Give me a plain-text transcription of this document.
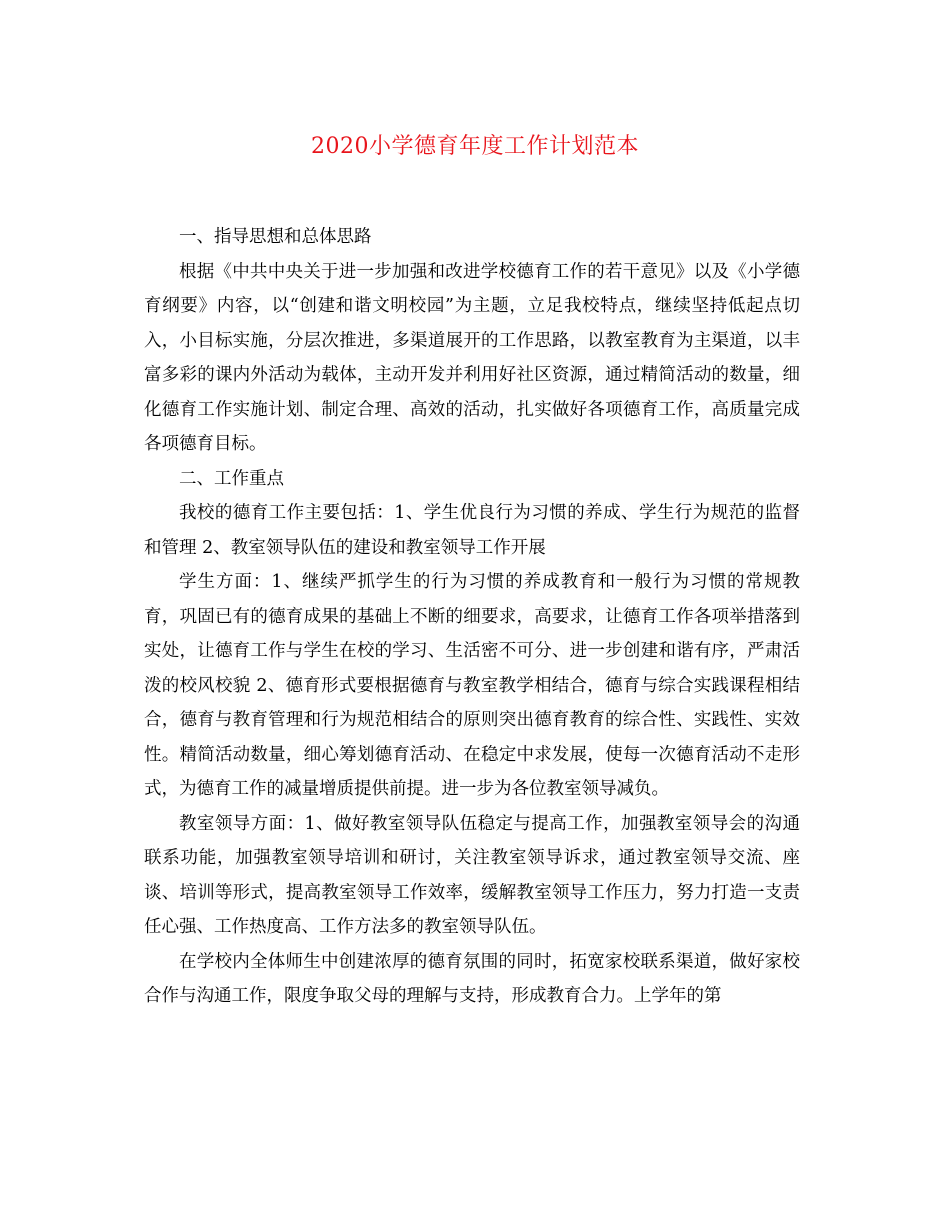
2020小学德育年度工作计划范本

一、指导思想和总体思路

根据《中共中央关于进一步加强和改进学校德育工作的若干意见》以及《小学德育纲要》内容，以“创建和谐文明校园”为主题，立足我校特点，继续坚持低起点切入，小目标实施，分层次推进，多渠道展开的工作思路，以教室教育为主渠道，以丰富多彩的课内外活动为载体，主动开发并利用好社区资源，通过精简活动的数量，细化德育工作实施计划、制定合理、高效的活动，扎实做好各项德育工作，高质量完成各项德育目标。

二、工作重点

我校的德育工作主要包括：1、学生优良行为习惯的养成、学生行为规范的监督和管理 2、教室领导队伍的建设和教室领导工作开展

学生方面：1、继续严抓学生的行为习惯的养成教育和一般行为习惯的常规教育，巩固已有的德育成果的基础上不断的细要求，高要求，让德育工作各项举措落到实处，让德育工作与学生在校的学习、生活密不可分、进一步创建和谐有序，严肃活泼的校风校貌 2、德育形式要根据德育与教室教学相结合，德育与综合实践课程相结合，德育与教育管理和行为规范相结合的原则突出德育教育的综合性、实践性、实效性。精简活动数量，细心筹划德育活动、在稳定中求发展，使每一次德育活动不走形式，为德育工作的减量增质提供前提。进一步为各位教室领导减负。

教室领导方面：1、做好教室领导队伍稳定与提高工作，加强教室领导会的沟通联系功能，加强教室领导培训和研讨，关注教室领导诉求，通过教室领导交流、座谈、培训等形式，提高教室领导工作效率，缓解教室领导工作压力，努力打造一支责任心强、工作热度高、工作方法多的教室领导队伍。

在学校内全体师生中创建浓厚的德育氛围的同时，拓宽家校联系渠道，做好家校合作与沟通工作，限度争取父母的理解与支持，形成教育合力。上学年的第
